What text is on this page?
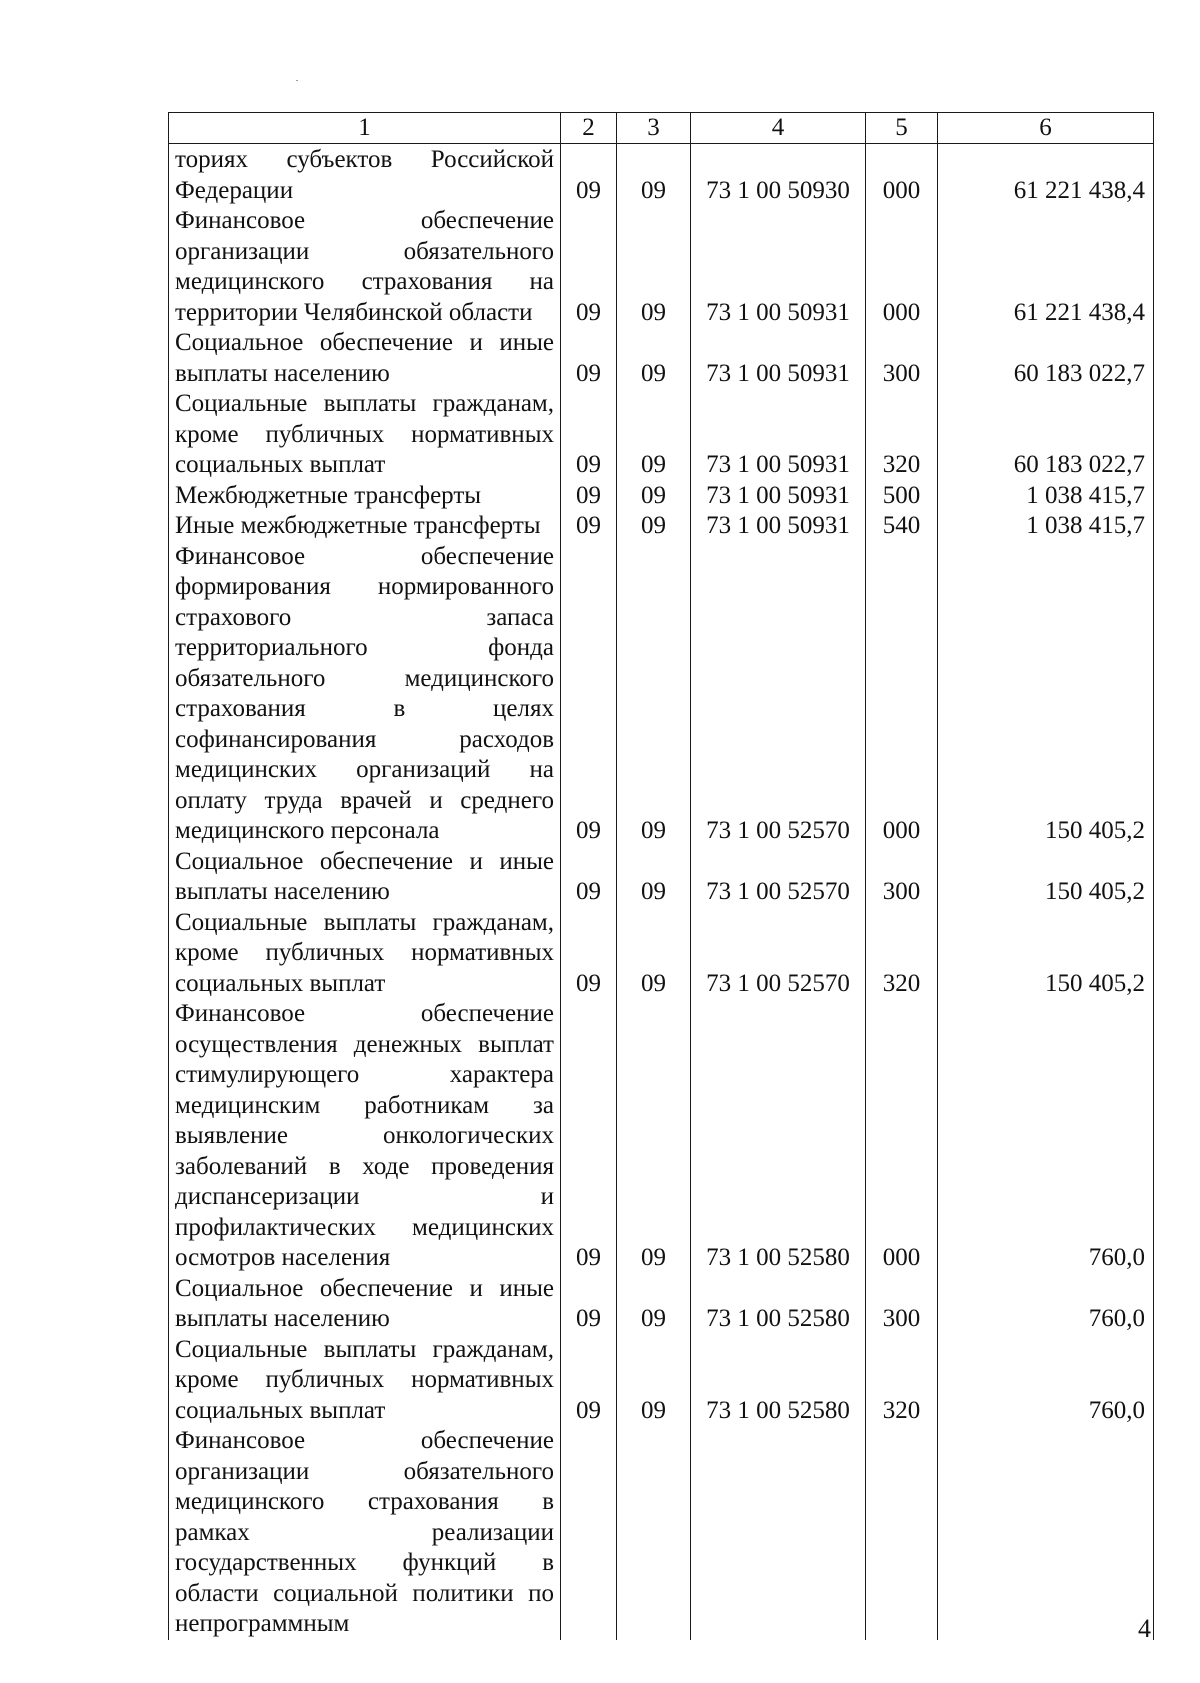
1	2	3	4	5	6
ториях субъектов Российской Федерации	09	09	73 1 00 50930	000	61 221 438,4
Финансовое обеспечение организации обязательного медицинского страхования на территории Челябинской области	09	09	73 1 00 50931	000	61 221 438,4
Социальное обеспечение и иные выплаты населению	09	09	73 1 00 50931	300	60 183 022,7
Социальные выплаты гражданам, кроме публичных нормативных социальных выплат	09	09	73 1 00 50931	320	60 183 022,7
Межбюджетные трансферты	09	09	73 1 00 50931	500	1 038 415,7
Иные межбюджетные трансферты	09	09	73 1 00 50931	540	1 038 415,7
Финансовое обеспечение формирования нормированного страхового запаса территориального фонда обязательного медицинского страхования в целях софинансирования расходов медицинских организаций на оплату труда врачей и среднего медицинского персонала	09	09	73 1 00 52570	000	150 405,2
Социальное обеспечение и иные выплаты населению	09	09	73 1 00 52570	300	150 405,2
Социальные выплаты гражданам, кроме публичных нормативных социальных выплат	09	09	73 1 00 52570	320	150 405,2
Финансовое обеспечение осуществления денежных выплат стимулирующего характера медицинским работникам за выявление онкологических заболеваний в ходе проведения диспансеризации и профилактических медицинских осмотров населения	09	09	73 1 00 52580	000	760,0
Социальное обеспечение и иные выплаты населению	09	09	73 1 00 52580	300	760,0
Социальные выплаты гражданам, кроме публичных нормативных социальных выплат	09	09	73 1 00 52580	320	760,0
Финансовое обеспечение организации обязательного медицинского страхования в рамках реализации государственных функций в области социальной политики по непрограммным						4
